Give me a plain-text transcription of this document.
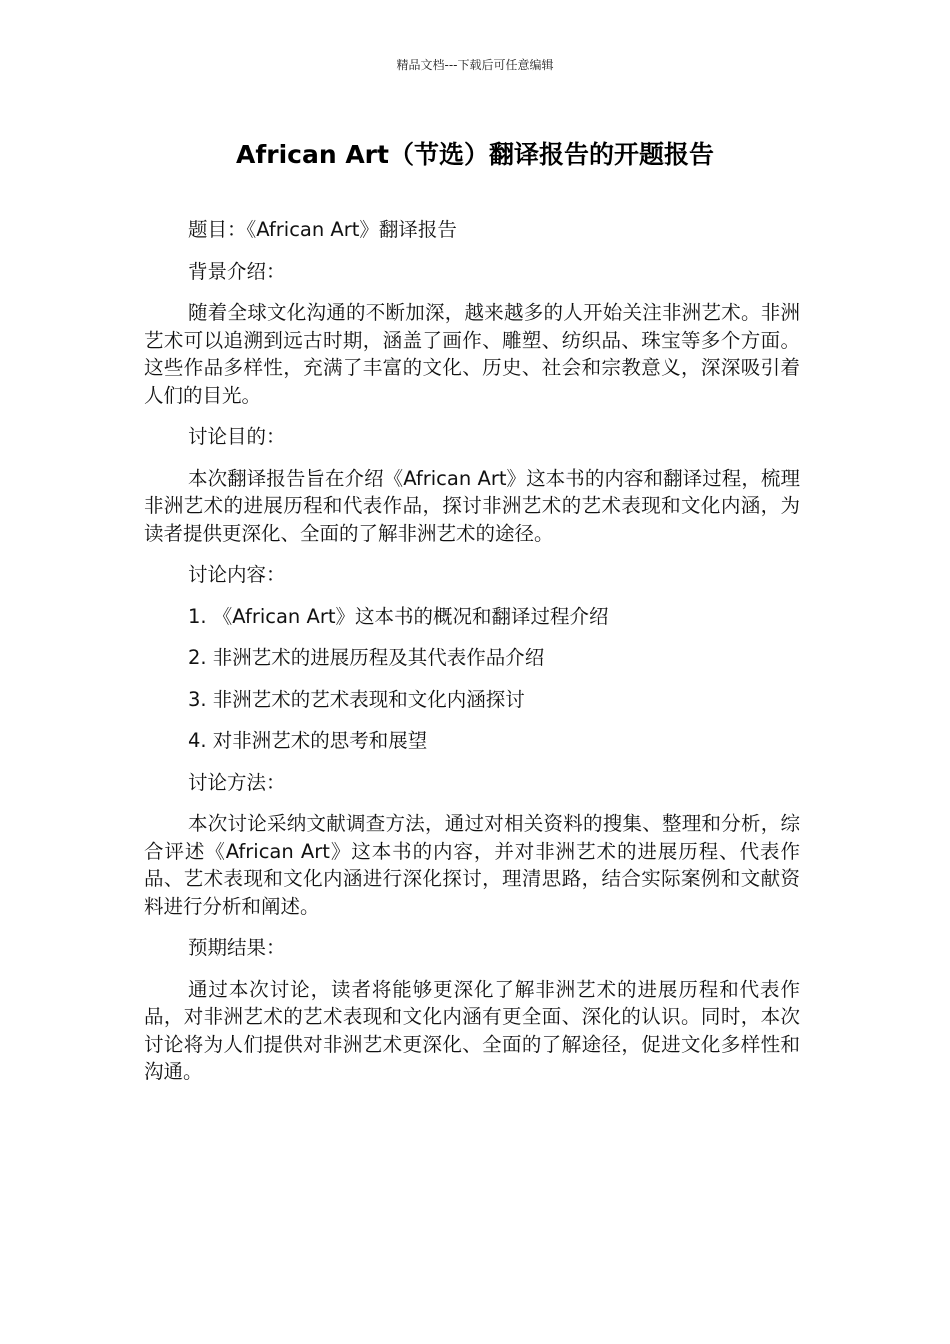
精品文档---下载后可任意编辑
African Art（节选）翻译报告的开题报告

题目：《African Art》翻译报告

背景介绍：

随着全球文化沟通的不断加深，越来越多的人开始关注非洲艺术。非洲艺术可以追溯到远古时期，涵盖了画作、雕塑、纺织品、珠宝等多个方面。这些作品多样性，充满了丰富的文化、历史、社会和宗教意义，深深吸引着人们的目光。

讨论目的：

本次翻译报告旨在介绍《African Art》这本书的内容和翻译过程，梳理非洲艺术的进展历程和代表作品，探讨非洲艺术的艺术表现和文化内涵，为读者提供更深化、全面的了解非洲艺术的途径。

讨论内容：

1. 《African Art》这本书的概况和翻译过程介绍

2. 非洲艺术的进展历程及其代表作品介绍

3. 非洲艺术的艺术表现和文化内涵探讨

4. 对非洲艺术的思考和展望

讨论方法：

本次讨论采纳文献调查方法，通过对相关资料的搜集、整理和分析，综合评述《African Art》这本书的内容，并对非洲艺术的进展历程、代表作品、艺术表现和文化内涵进行深化探讨，理清思路，结合实际案例和文献资料进行分析和阐述。

预期结果：

通过本次讨论，读者将能够更深化了解非洲艺术的进展历程和代表作品，对非洲艺术的艺术表现和文化内涵有更全面、深化的认识。同时，本次讨论将为人们提供对非洲艺术更深化、全面的了解途径，促进文化多样性和沟通。
